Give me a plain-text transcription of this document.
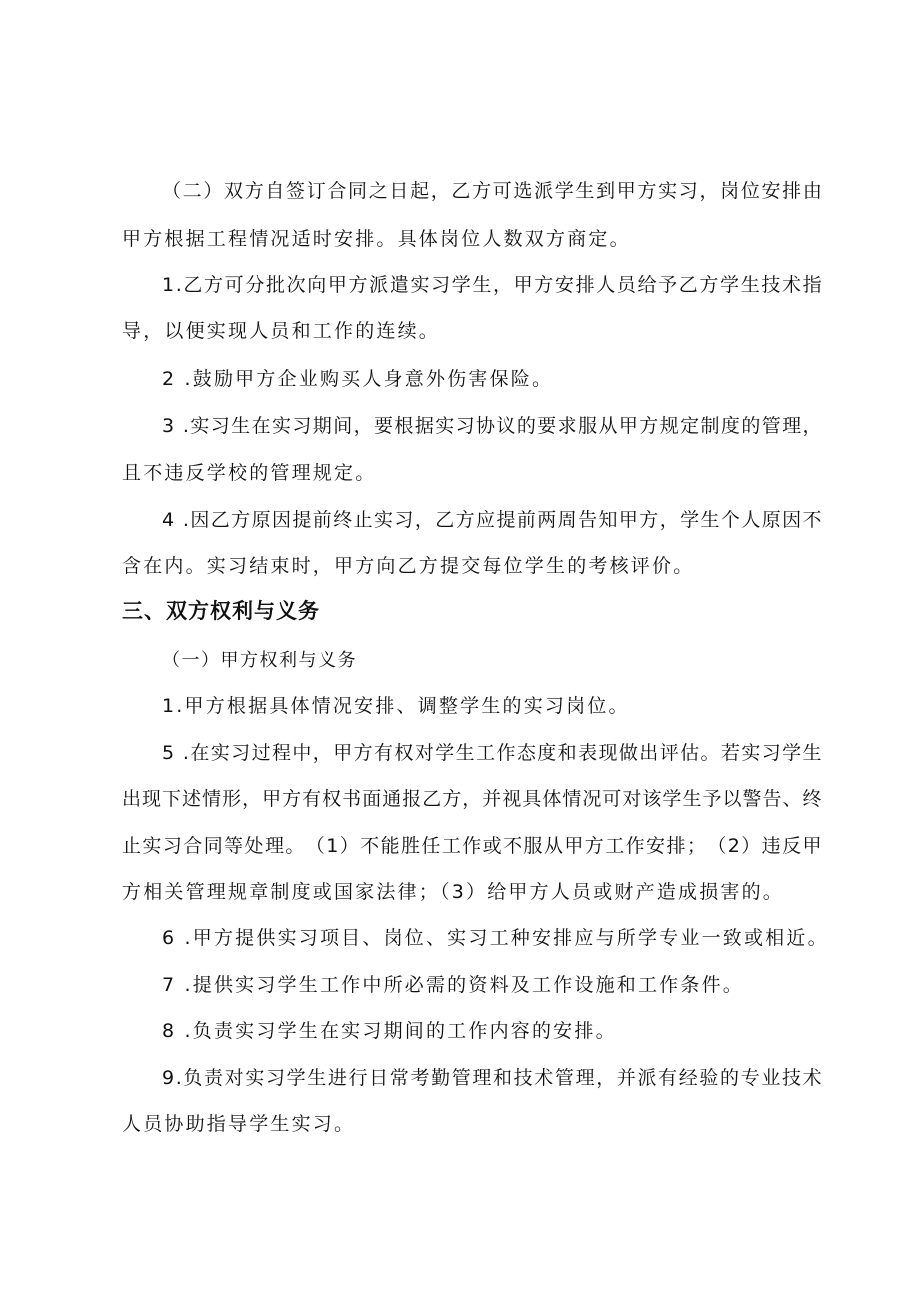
（ 二 ） 双 方 自 签 订 合 同 之 日 起 ， 乙 方 可 选 派 学 生 到 甲 方 实 习 ， 岗 位 安 排 由
甲方根据工程情况适时安排。具体岗位人数双方商定。
1 . 乙 方 可 分 批 次 向 甲 方 派 遣 实 习 学 生 ， 甲 方 安 排 人 员 给 予 乙 方 学 生 技 术 指
导，以便实现人员和工作的连续。
2 .鼓励甲方企业购买人身意外伤害保险。
3
. 实 习 生 在 实 习 期 间 ， 要 根 据 实 习 协 议 的 要 求 服 从 甲 方 规 定 制 度 的 管 理 ，
且不违反学校的管理规定。
4
. 因 乙 方 原 因 提 前 终 止 实 习 ， 乙 方 应 提 前 两 周 告 知 甲 方 ， 学 生 个 人 原 因 不
含在内。实习结束时，甲方向乙方提交每位学生的考核评价。
三、双方权利与义务
（一）甲方权利与义务
1.甲方根据具体情况安排、调整学生的实习岗位。
5
. 在 实 习 过 程 中 ， 甲 方 有 权 对 学 生 工 作 态 度 和 表 现 做 出 评 估 。 若 实 习 学 生
出 现 下 述 情 形 ， 甲 方 有 权 书 面 通 报 乙 方 ， 并 视 具 体 情 况 可 对 该 学 生 予 以 警 告 、 终
止 实 习 合 同 等 处 理 。 （ 1 ） 不 能 胜 任 工 作 或 不 服 从 甲 方 工 作 安 排 ； （ 2 ） 违 反 甲
方相关管理规章制度或国家法律；（3）给甲方人员或财产造成损害的。
6 .甲方提供实习项目、岗位、实习工种安排应与所学专业一致或相近。
7 .提供实习学生工作中所必需的资料及工作设施和工作条件。
8 .负责实习学生在实习期间的工作内容的安排。
9 . 负 责 对 实 习 学 生 进 行 日 常 考 勤 管 理 和 技 术 管 理 ， 并 派 有 经 验 的 专 业 技 术
人员协助指导学生实习。
